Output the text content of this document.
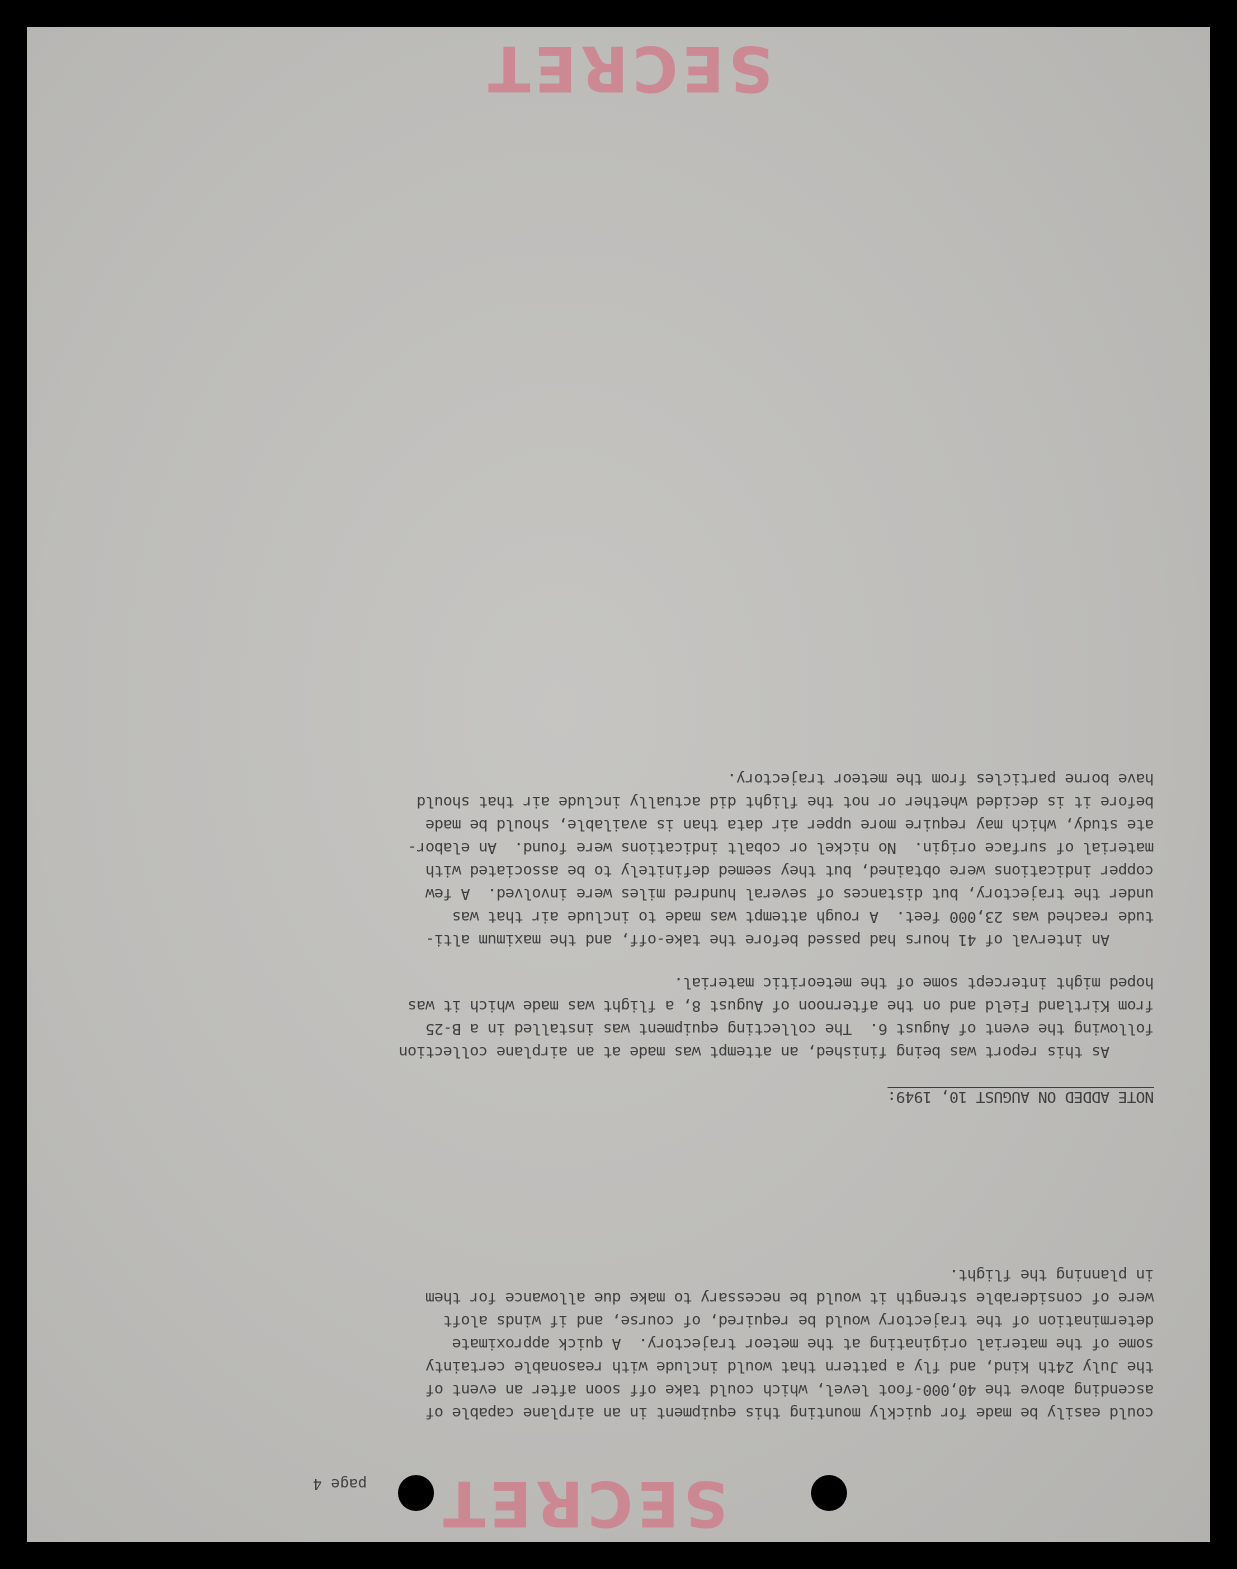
SECRET
page 4
could easily be made for quickly mounting this equipment in an airplane capable of
ascending above the 40,000-foot level, which could take off soon after an event of
the July 24th kind, and fly a pattern that would include with reasonable certainty
some of the material originating at the meteor trajectory.  A quick approximate
determination of the trajectory would be required, of course, and if winds aloft
were of considerable strength it would be necessary to make due allowance for them
in planning the flight.
NOTE ADDED ON AUGUST 10, 1949:
As this report was being finished, an attempt was made at an airplane collection
following the event of August 6.  The collecting equipment was installed in a B-25
from Kirtland Field and on the afternoon of August 8, a flight was made which it was
hoped might intercept some of the meteoritic material.
An interval of 41 hours had passed before the take-off, and the maximum alti-
tude reached was 23,000 feet.  A rough attempt was made to include air that was
under the trajectory, but distances of several hundred miles were involved.  A few
copper indications were obtained, but they seemed definitely to be associated with
material of surface origin.  No nickel or cobalt indications were found.  An elabor-
ate study, which may require more upper air data than is available, should be made
before it is decided whether or not the flight did actually include air that should
have borne particles from the meteor trajectory.
SECRET
